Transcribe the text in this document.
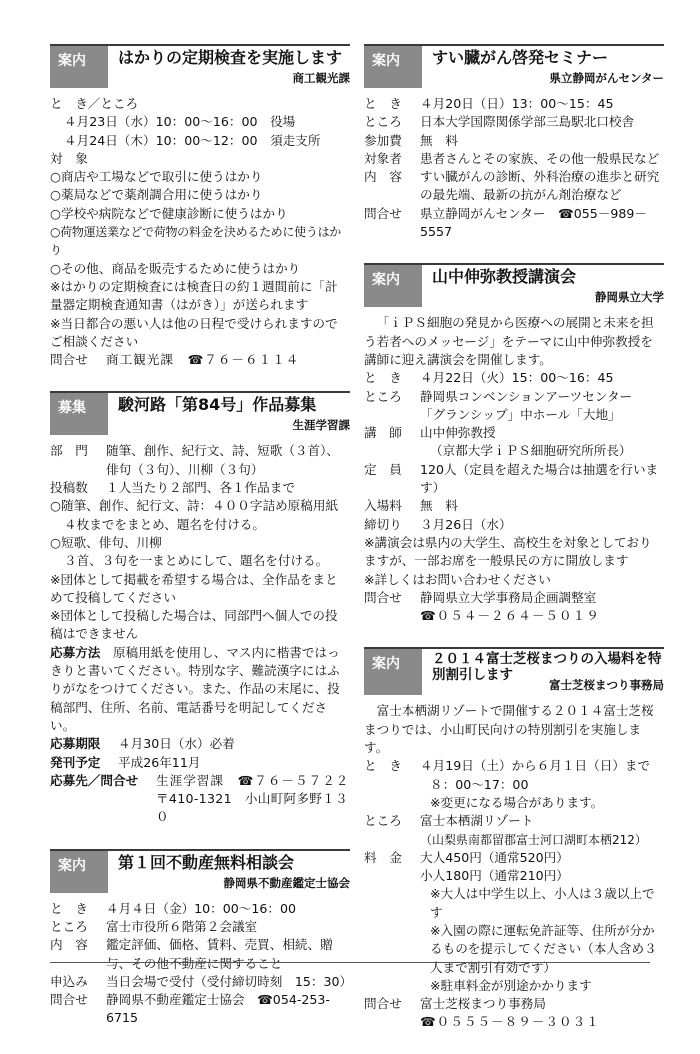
案内	はかりの定期検査を実施します
商工観光課

と　き／ところ

４月23日（水）10：00～16：00　役場

４月24日（木）10：00～12：00　須走支所

対　象

○商店や工場などで取引に使うはかり

○薬局などで薬剤調合用に使うはかり

○学校や病院などで健康診断に使うはかり

○荷物運送業などで荷物の料金を決めるために使うはかり

○その他、商品を販売するために使うはかり

※はかりの定期検査には検査日の約１週間前に「計量器定期検査通知書（はがき）」が送られます

※当日都合の悪い人は他の日程で受けられますのでご相談ください

問合せ	商工観光課　☎７６－６１１４
募集	駿河路「第84号」作品募集
生涯学習課
部　門	随筆、創作、紀行文、詩、短歌（３首）、
俳句（３句）、川柳（３句）
投稿数	１人当たり２部門、各１作品まで

○随筆、創作、紀行文、詩：４００字詰め原稿用紙

４枚までをまとめ、題名を付ける。

○短歌、俳句、川柳

３首、３句を一まとめにして、題名を付ける。

※団体として掲載を希望する場合は、全作品をまとめて投稿してください

※団体として投稿した場合は、同部門へ個人での投稿はできません

応募方法　 原稿用紙を使用し、マス内に楷書ではっきりと書いてください。特別な字、難読漢字にはふりがなをつけてください。また、作品の末尾に、投稿部門、住所、名前、電話番号を明記してください。

応募期限	４月30日（水）必着
発刊予定	平成26年11月
応募先／問合せ	生涯学習課　☎７６－５７２２

〒410-1321　小山町阿多野１３０

案内	第１回不動産無料相談会
静岡県不動産鑑定士協会
と　き	４月４日（金）10：00～16：00
ところ	富士市役所６階第２会議室
内　容	鑑定評価、価格、賃料、売買、相続、贈与、その他不動産に関すること
申込み	当日会場で受付（受付締切時刻　15：30）
問合せ	静岡県不動産鑑定士協会　☎054-253-6715
案内	すい臓がん啓発セミナー
県立静岡がんセンター
と　き	４月20日（日）13：00～15：45
ところ	日本大学国際関係学部三島駅北口校舎
参加費	無　料
対象者	患者さんとその家族、その他一般県民など
内　容	すい臓がんの診断、外科治療の進歩と研究の最先端、最新の抗がん剤治療など
問合せ	県立静岡がんセンター　☎055－989－5557
案内	山中伸弥教授講演会
静岡県立大学

「ｉＰＳ細胞の発見から医療への展開と未来を担う若者へのメッセージ」をテーマに山中伸弥教授を講師に迎え講演会を開催します。

と　き	４月22日（火）15：00～16：45
ところ	静岡県コンベンションアーツセンター
「グランシップ」中ホール「大地」
講　師	山中伸弥教授
（京都大学ｉＰＳ細胞研究所所長）
定　員	120人（定員を超えた場合は抽選を行います）
入場料	無　料
締切り	３月26日（水）

※講演会は県内の大学生、高校生を対象としておりますが、一部お席を一般県民の方に開放します

※詳しくはお問い合わせください

問合せ	静岡県立大学事務局企画調整室

☎０５４－２６４－５０１９

案内	２０１４富士芝桜まつりの入場料を特別割引します
富士芝桜まつり事務局

富士本栖湖リゾートで開催する２０１４富士芝桜まつりでは、小山町民向けの特別割引を実施します。

と　き	４月19日（土）から６月１日（日）まで
８：00～17：00
※変更になる場合があります。
ところ	富士本栖湖リゾート
（山梨県南都留郡富士河口湖町本栖212）
料　金	大人450円（通常520円）
小人180円（通常210円）
※大人は中学生以上、小人は３歳以上です
※入園の際に運転免許証等、住所が分かるものを提示してください（本人含め３人まで割引有効です）
※駐車料金が別途かかります
問合せ	富士芝桜まつり事務局

☎０５５５－８９－３０３１
